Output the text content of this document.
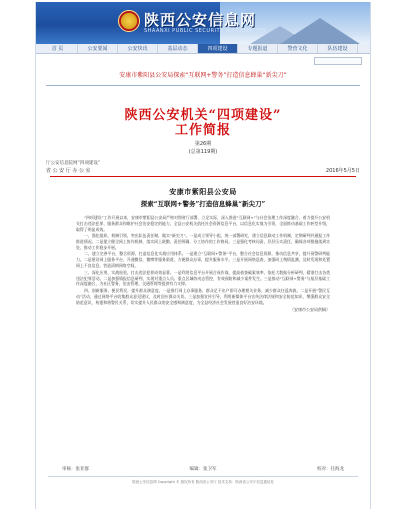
陕西公安信息网
SHAANXI PUBLIC SECURITY INFORMATION
首 页	公安要闻	公安快讯	基层动态	四项建设	专题报道	警营文化	队伍建设
安康市紫阳县公安局探索“互联网+警务”打造信息蜂巢“新尖刀”
陕西公安机关“四项建设”
工作简报
第26期
(总第119期)
厅公安信息院网“四项建设”
省 公 安 厅 办 公 室	2016年5月5日
安康市紫阳县公安局
探索“互联网+警务”打造信息蜂巢“新尖刀”

“四项建设”工作开展以来，安康市紫阳县公安局严格对照省厅部署，立足实际，深入推进“互联网+”与社会治理工作深度融合，着力提升公安机关打击违法犯罪、服务群众和维护社会治安稳定的能力，全县公安机关依托社会资源信息平台，以信息化实战为引领，全面推动基础工作转型升级，取得了明显成效。

一、强化组织，机制引领，突出队伍责任制，做实“新尖刀”。一是成立领导小组，统一部署研究，建立信息联动工作机制，定期研判并通报工作推进情况。二是建立健全网上协作机制，落实网上联勤、责任明确、分工协作的工作格局。三是强化考核问责，层层压实责任，确保各项措施落到实处，推动工作稳步开展。

二、建立完善平台，整合资源，打造信息化实战应用体系。一是建立“互联网+警务”平台，整合社会信息资源，推动信息共享，提升预警研判能力。二是建设网上服务平台，开通微信、微博等服务渠道，方便群众办事，提升服务水平。三是开展网络巡查，加强网上舆情监测，及时发现和处置网上不良信息，营造清朗网络空间。

三、深化应用，实战检验，打击违法犯罪成效显著。一是利用信息平台开展合成作战，提高侦查破案效率，依托大数据分析研判，精准打击各类违法犯罪活动。二是加强情报信息研判，实现对重点人员、重点区域的动态管控，有效预防和减少案件发生。三是推动“互联网+警务”与基层基础工作深度融合，为社区警务、治安管理、交通管理等提供有力支撑。

四、创新服务，便民利民，提升群众满意度。一是推行网上办事服务，群众足不出户即可办理相关业务，减少群众往返奔波。二是开展“警民互动”活动，通过网络平台收集群众意见建议，及时回应群众关切。三是加强宣传引导，利用新媒体平台宣传法律法规和安全防范知识，增强群众安全防范意识，构建和谐警民关系，切实提升人民群众的安全感和满意度，为全县经济社会发展营造良好治安环境。

（安康市公安局供稿）
审核：张亚群	编辑：张卫军	校对：任海龙
陕西公安信息网 Copyright © 版权所有 陕西省公安厅 技术支持：陕西省公安厅信息通信处
